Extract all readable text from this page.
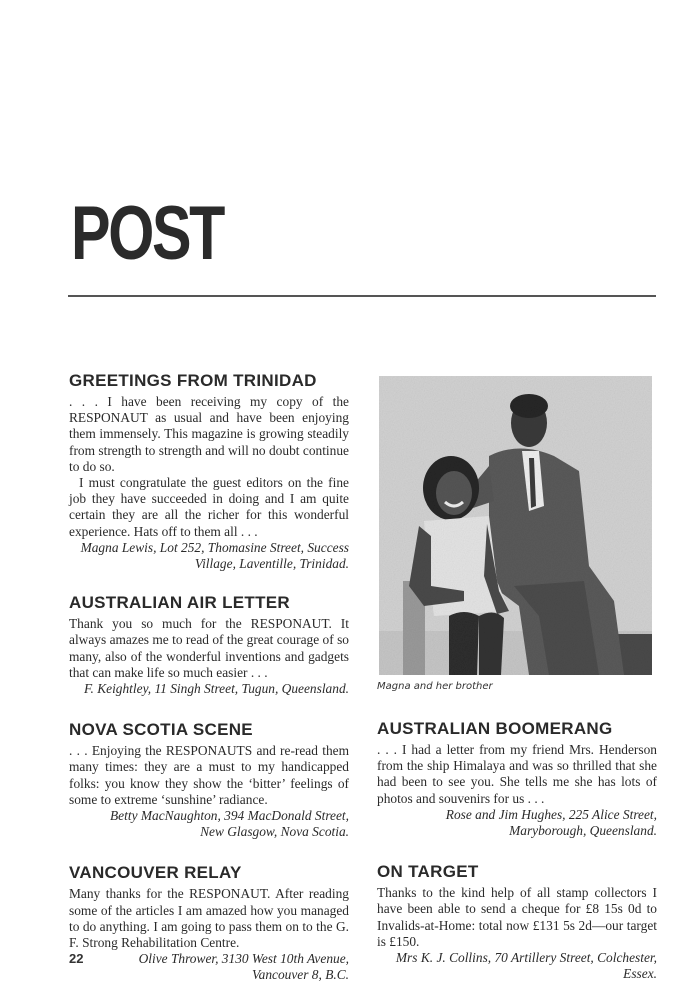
POST
GREETINGS FROM TRINIDAD

. . . I have been receiving my copy of the RESPONAUT as usual and have been enjoying them immensely. This magazine is growing steadily from strength to strength and will no doubt continue to do so.

I must congratulate the guest editors on the fine job they have succeeded in doing and I am quite certain they are all the richer for this wonderful experience. Hats off to them all . . .

Magna Lewis, Lot 252, Thomasine Street, Success Village, Laventille, Trinidad.

AUSTRALIAN AIR LETTER

Thank you so much for the RESPONAUT. It always amazes me to read of the great courage of so many, also of the wonderful inventions and gadgets that can make life so much easier . . .

F. Keightley, 11 Singh Street, Tugun, Queensland.

NOVA SCOTIA SCENE

. . . Enjoying the RESPONAUTS and re-read them many times: they are a must to my handicapped folks: you know they show the ‘bitter’ feelings of some to extreme ‘sunshine’ radiance.

Betty MacNaughton, 394 MacDonald Street, New Glasgow, Nova Scotia.

VANCOUVER RELAY

Many thanks for the RESPONAUT. After reading some of the articles I am amazed how you managed to do anything. I am going to pass them on to the G. F. Strong Rehabilitation Centre.

Olive Thrower, 3130 West 10th Avenue, Vancouver 8, B.C.

Magna and her brother
AUSTRALIAN BOOMERANG

. . . I had a letter from my friend Mrs. Henderson from the ship Himalaya and was so thrilled that she had been to see you. She tells me she has lots of photos and souvenirs for us . . .

Rose and Jim Hughes, 225 Alice Street, Maryborough, Queensland.

ON TARGET

Thanks to the kind help of all stamp collectors I have been able to send a cheque for £8 15s 0d to Invalids-at-Home: total now £131 5s 2d—our target is £150.

Mrs K. J. Collins, 70 Artillery Street, Colchester, Essex.

22
